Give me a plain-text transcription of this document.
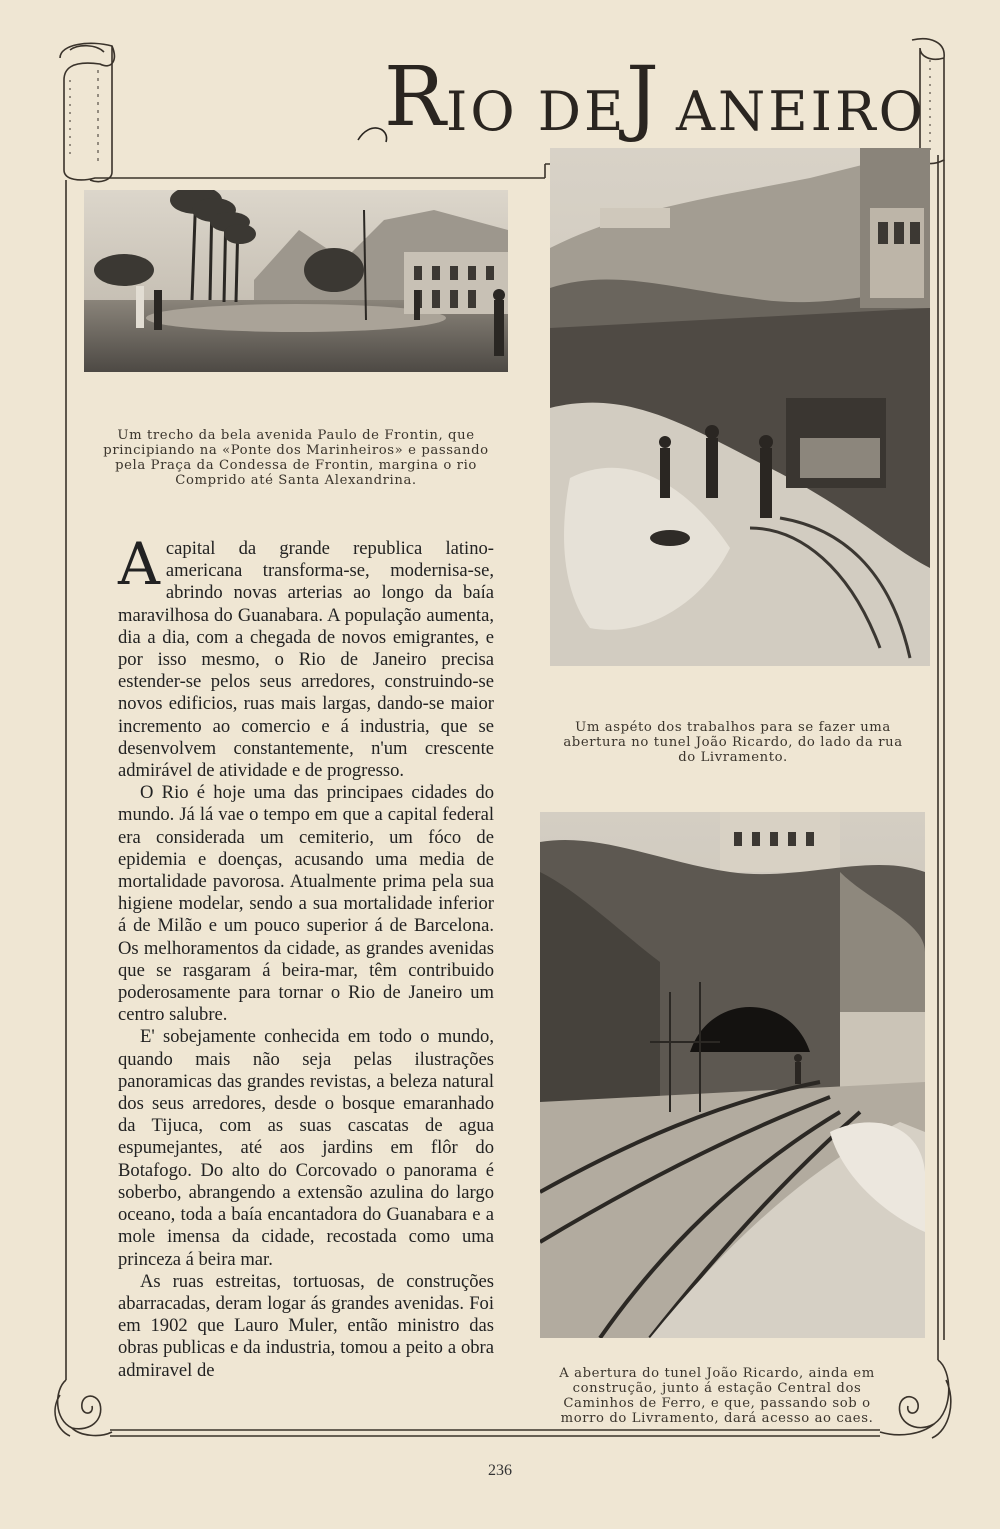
R
IO DE J ANEIRO
Um trecho da bela avenida Paulo de Frontin, que principiando na «Ponte dos Marinheiros» e passando pela Praça da Condessa de Frontin, margina o rio Comprido até Santa Alexandrina.
Um aspéto dos trabalhos para se fazer uma abertura no tunel João Ricardo, do lado da rua do Livramento.
A abertura do tunel João Ricardo, ainda em construção, junto á estação Central dos Caminhos de Ferro, e que, passando sob o morro do Livramento, dará acesso ao caes.

Acapital da grande republica latino-americana transforma-se, modernisa-se, abrindo novas arterias ao longo da baía maravilhosa do Guanabara. A população aumenta, dia a dia, com a chegada de novos emigrantes, e por isso mesmo, o Rio de Janeiro precisa estender-se pelos seus arredores, construindo-se novos edificios, ruas mais largas, dando-se maior incremento ao comercio e á industria, que se desenvolvem constantemente, n'um crescente admirável de atividade e de progresso.

O Rio é hoje uma das principaes cidades do mundo. Já lá vae o tempo em que a capital federal era considerada um cemiterio, um fóco de epidemia e doenças, acusando uma media de mortalidade pavorosa. Atualmente prima pela sua higiene modelar, sendo a sua mortalidade inferior á de Milão e um pouco superior á de Barcelona. Os melhoramentos da cidade, as grandes avenidas que se rasgaram á beira-mar, têm contribuido poderosamente para tornar o Rio de Janeiro um centro salubre.

E' sobejamente conhecida em todo o mundo, quando mais não seja pelas ilustrações panoramicas das grandes revistas, a beleza natural dos seus arredores, desde o bosque emaranhado da Tijuca, com as suas cascatas de agua espumejantes, até aos jardins em flôr do Botafogo. Do alto do Corcovado o panorama é soberbo, abrangendo a extensão azulina do largo oceano, toda a baía encantadora do Guanabara e a mole imensa da cidade, recostada como uma princeza á beira mar.

As ruas estreitas, tortuosas, de construções abarracadas, deram logar ás grandes avenidas. Foi em 1902 que Lauro Muler, então ministro das obras publicas e da industria, tomou a peito a obra admiravel de

236
